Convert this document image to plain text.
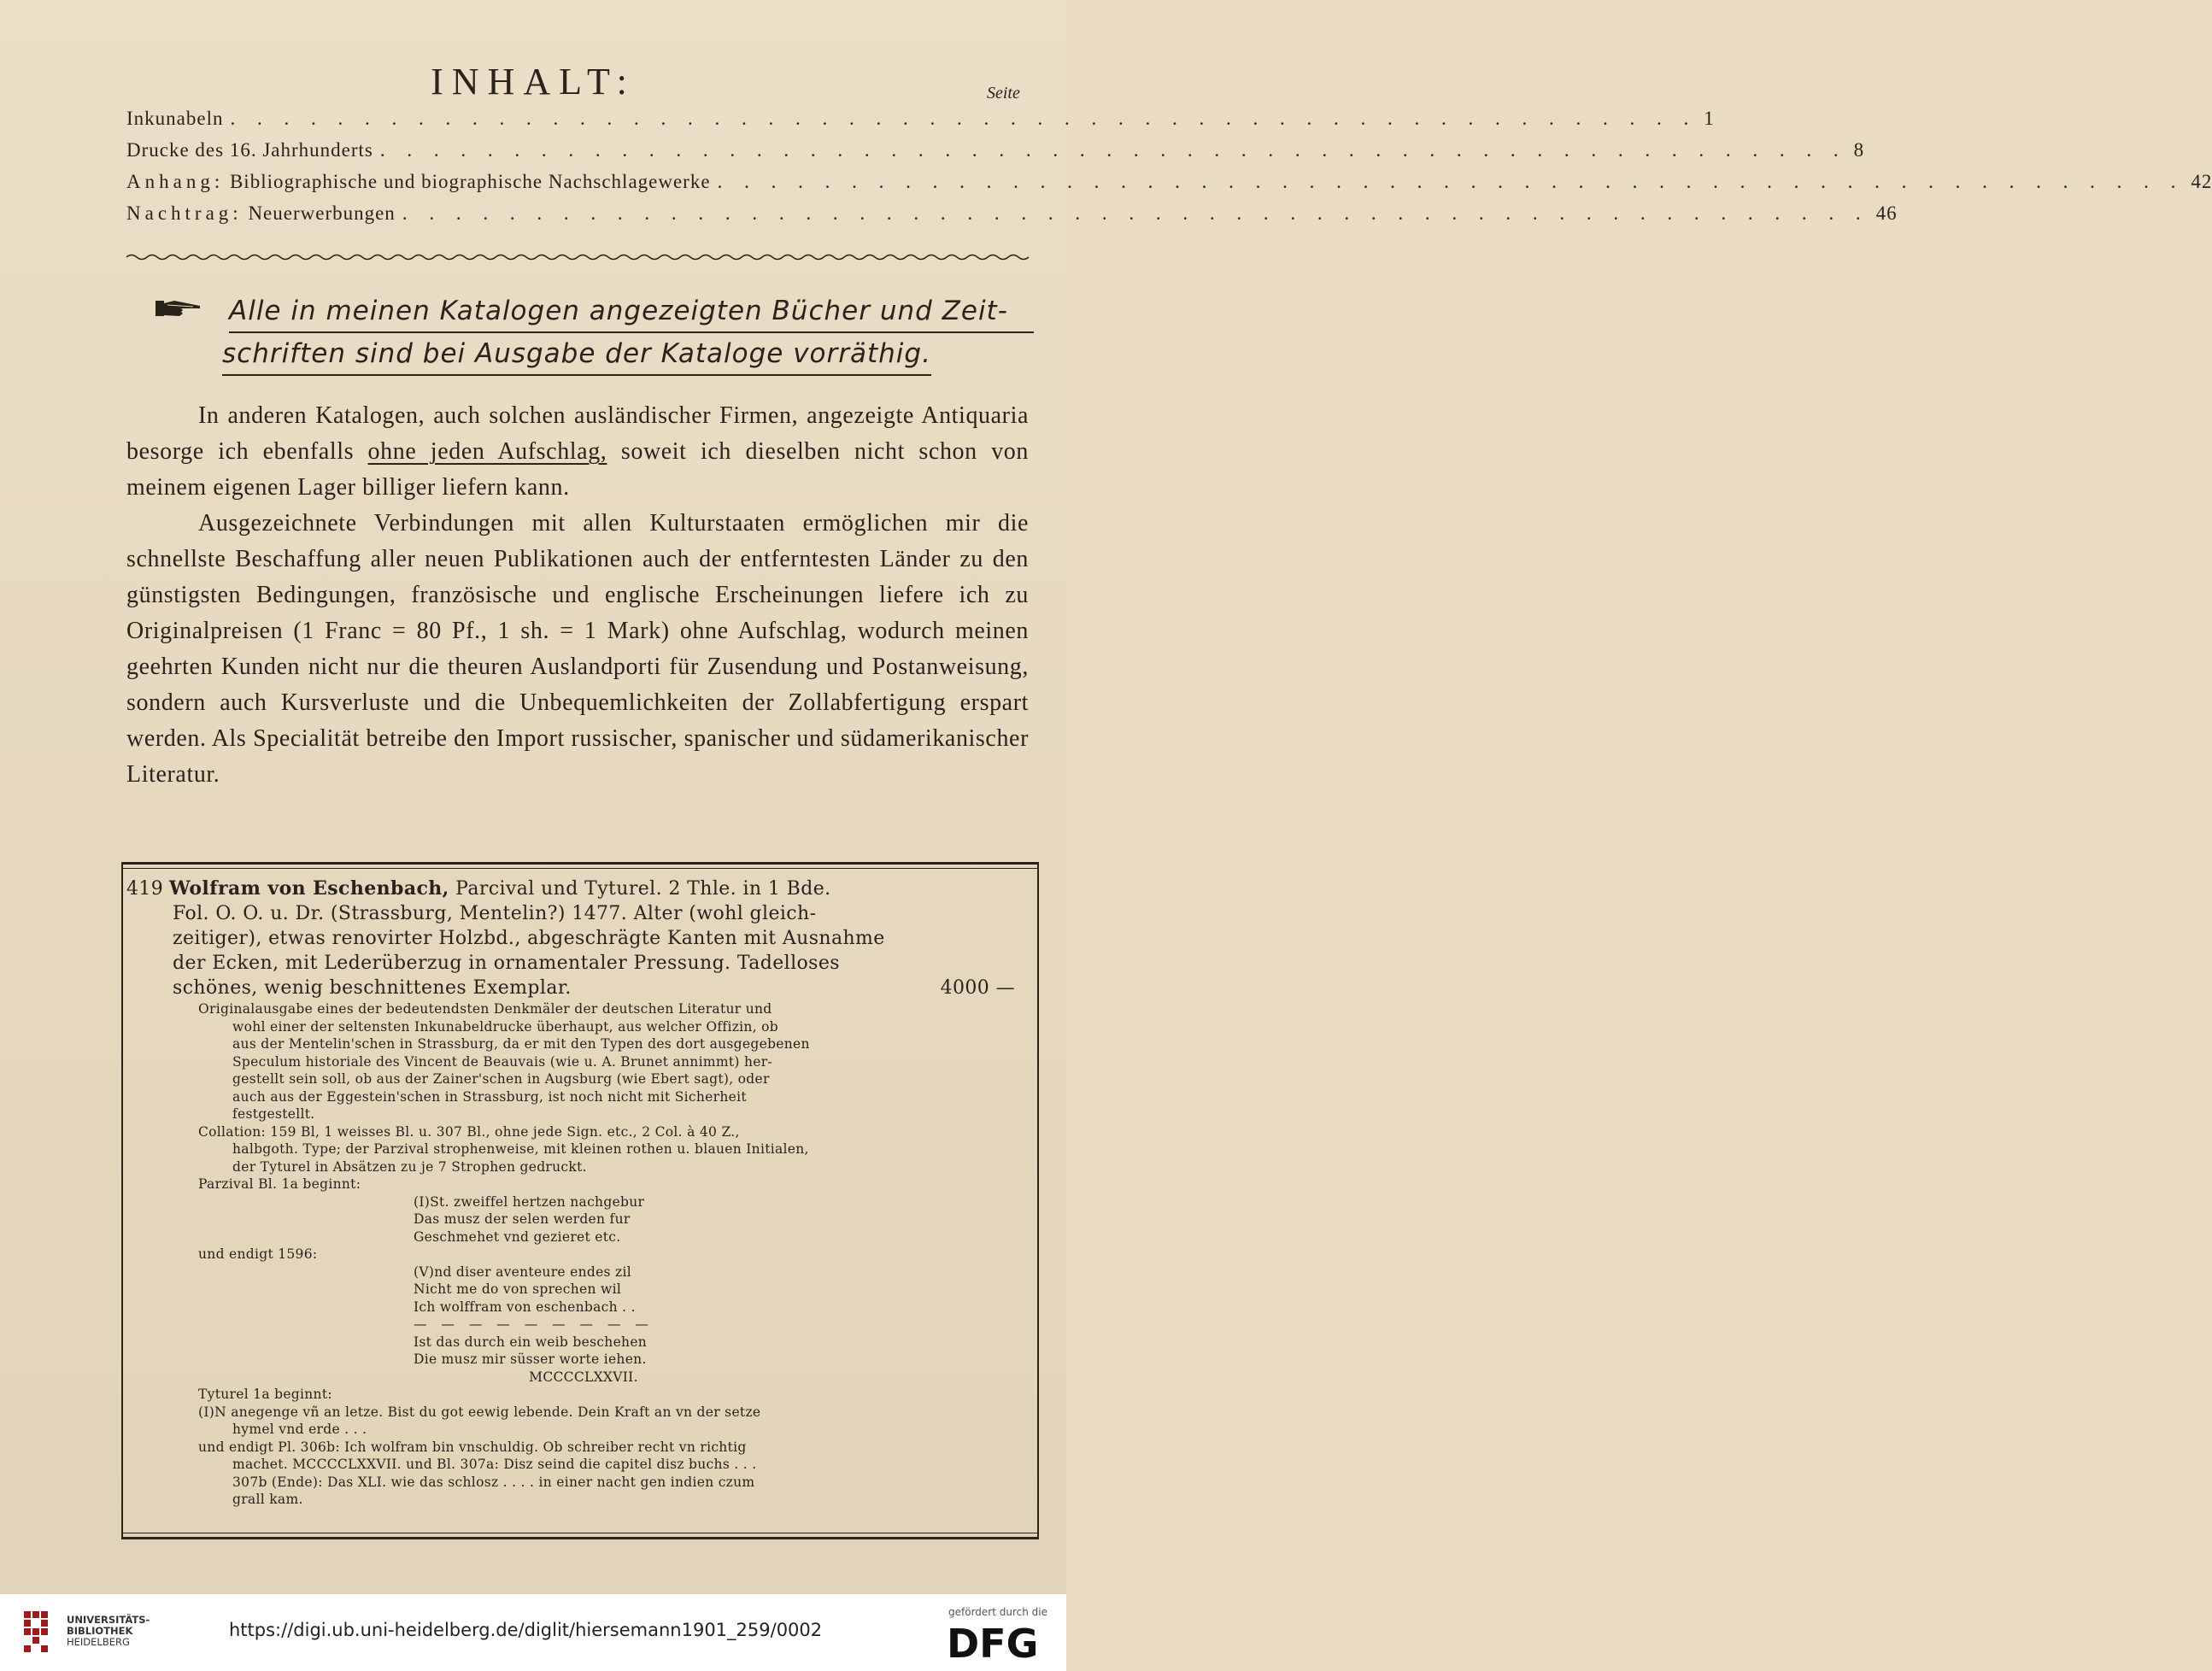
INHALT:	Seite
Inkunabeln . . . . . . . . . . . . . . . . . . . . . . . . . . . . . . . . . . . . . . . . . . . . . . . . . . . . . . . 1
Drucke des 16. Jahrhunderts . . . . . . . . . . . . . . . . . . . . . . . . . . . . . . . . . . . . . . . . . . . . . . . . . . . . . . . 8
Anhang: Bibliographische und biographische Nachschlagewerke . . . . . . . . . . . . . . . . . . . . . . . . . . . . . . . . . . . . . . . . . . . . . . . . . . . . . . . 42
Nachtrag: Neuerwerbungen . . . . . . . . . . . . . . . . . . . . . . . . . . . . . . . . . . . . . . . . . . . . . . . . . . . . . . . 46
Alle in meinen Katalogen angezeigten Bücher und Zeit-
schriften sind bei Ausgabe der Kataloge vorräthig.

In anderen Katalogen, auch solchen ausländischer Firmen, angezeigte Antiquaria besorge ich ebenfalls ohne jeden Aufschlag, soweit ich dieselben nicht schon von meinem eigenen Lager billiger liefern kann.

Ausgezeichnete Verbindungen mit allen Kulturstaaten ermöglichen mir die schnellste Beschaffung aller neuen Publikationen auch der entferntesten Länder zu den günstigsten Bedingungen, französische und englische Erscheinungen liefere ich zu Originalpreisen (1 Franc = 80 Pf., 1 sh. = 1 Mark) ohne Aufschlag, wodurch meinen geehrten Kunden nicht nur die theuren Auslandporti für Zusendung und Postanweisung, sondern auch Kursverluste und die Unbequemlichkeiten der Zollabfertigung erspart werden. Als Specialität betreibe den Import russischer, spanischer und südamerikanischer Literatur.

419 Wolfram von Eschenbach, Parcival und Tyturel. 2 Thle. in 1 Bde.
Fol. O. O. u. Dr. (Strassburg, Mentelin?) 1477. Alter (wohl gleich-
zeitiger), etwas renovirter Holzbd., abgeschrägte Kanten mit Ausnahme
der Ecken, mit Lederüberzug in ornamentaler Pressung. Tadelloses
schönes, wenig beschnittenes Exemplar.	4000 —
Originalausgabe eines der bedeutendsten Denkmäler der deutschen Literatur und
wohl einer der seltensten Inkunabeldrucke überhaupt, aus welcher Offizin, ob
aus der Mentelin'schen in Strassburg, da er mit den Typen des dort ausgegebenen
Speculum historiale des Vincent de Beauvais (wie u. A. Brunet annimmt) her-
gestellt sein soll, ob aus der Zainer'schen in Augsburg (wie Ebert sagt), oder
auch aus der Eggestein'schen in Strassburg, ist noch nicht mit Sicherheit
festgestellt.
Collation: 159 Bl, 1 weisses Bl. u. 307 Bl., ohne jede Sign. etc., 2 Col. à 40 Z.,
halbgoth. Type; der Parzival strophenweise, mit kleinen rothen u. blauen Initialen,
der Tyturel in Absätzen zu je 7 Strophen gedruckt.
Parzival Bl. 1a beginnt:
(I)St. zweiffel hertzen nachgebur
Das musz der selen werden fur
Geschmehet vnd gezieret etc.
und endigt 1596:
(V)nd diser aventeure endes zil
Nicht me do von sprechen wil
Ich wolffram von eschenbach . .
— — — — — — — — —
Ist das durch ein weib beschehen
Die musz mir süsser worte iehen.
MCCCCLXXVII.
Tyturel 1a beginnt:
(I)N anegenge vñ an letze. Bist du got eewig lebende. Dein Kraft an vn der setze
hymel vnd erde . . .
und endigt Pl. 306b: Ich wolfram bin vnschuldig. Ob schreiber recht vn richtig
machet. MCCCCLXXVII. und Bl. 307a: Disz seind die capitel disz buchs . . .
307b (Ende): Das XLI. wie das schlosz . . . . in einer nacht gen indien czum
grall kam.
UNIVERSITÄTS-
BIBLIOTHEK
HEIDELBERG
https://digi.ub.uni-heidelberg.de/diglit/hiersemann1901_259/0002
gefördert durch die
DFG
